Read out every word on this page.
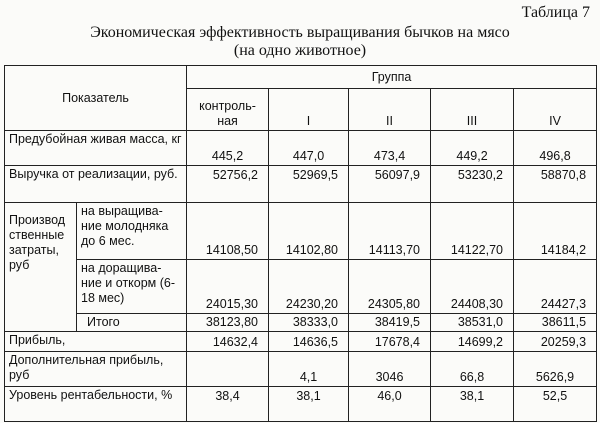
Таблица 7
Экономическая эффективность выращивания бычков на мясо
(на одно животное)
Показатель		Группа				
		контроль-ная	I	II	III	IV
Предубойная живая масса, кг		445,2	447,0	473,4	449,2	496,8
Выручка от реализации, руб.		52756,2	52969,5	56097,9	53230,2	58870,8
Производ ственные затраты, руб	на выращива-ние молодняка до 6 мес.	14108,50	14102,80	14113,70	14122,70	14184,2
	на доращива-ние и откорм (6-18 мес)	24015,30	24230,20	24305,80	24408,30	24427,3
	Итого	38123,80	38333,0	38419,5	38531,0	38611,5
Прибыль,		14632,4	14636,5	17678,4	14699,2	20259,3
Дополнительная прибыль, руб			4,1	3046	66,8	5626,9
Уровень рентабельности, %		38,4	38,1	46,0	38,1	52,5
